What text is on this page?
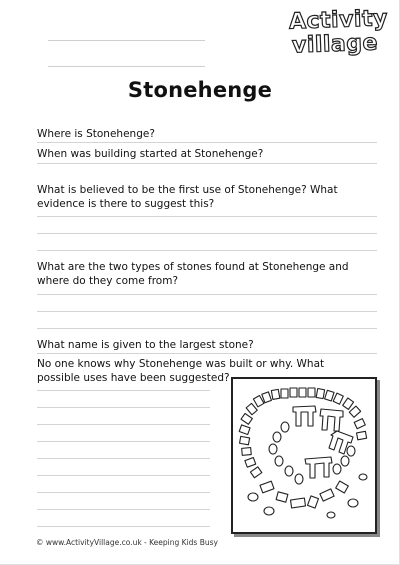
Activity
village
Stonehenge
Where is Stonehenge?
When was building started at Stonehenge?
What is believed to be the first use of Stonehenge? What evidence is there to suggest this?
What are the two types of stones found at Stonehenge and where do they come from?
What name is given to the largest stone?
No one knows why Stonehenge was built or why. What possible uses have been suggested?
© www.ActivityVillage.co.uk - Keeping Kids Busy
